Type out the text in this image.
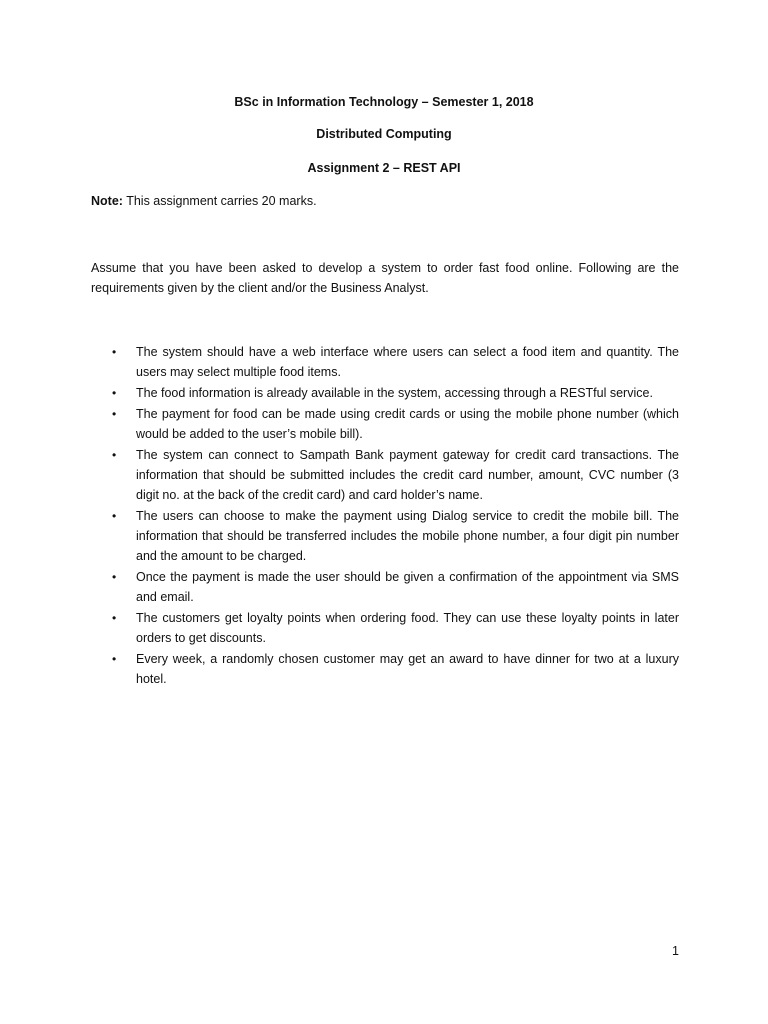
BSc in Information Technology – Semester 1, 2018
Distributed Computing
Assignment 2 – REST API
Note: This assignment carries 20 marks.
Assume that you have been asked to develop a system to order fast food online. Following are the requirements given by the client and/or the Business Analyst.
• The system should have a web interface where users can select a food item and quantity. The users may select multiple food items.
• The food information is already available in the system, accessing through a RESTful service.
• The payment for food can be made using credit cards or using the mobile phone number (which would be added to the user’s mobile bill).
• The system can connect to Sampath Bank payment gateway for credit card transactions. The information that should be submitted includes the credit card number, amount, CVC number (3 digit no. at the back of the credit card) and card holder’s name.
• The users can choose to make the payment using Dialog service to credit the mobile bill. The information that should be transferred includes the mobile phone number, a four digit pin number and the amount to be charged.
• Once the payment is made the user should be given a confirmation of the appointment via SMS and email.
• The customers get loyalty points when ordering food. They can use these loyalty points in later orders to get discounts.
• Every week, a randomly chosen customer may get an award to have dinner for two at a luxury hotel.
1
